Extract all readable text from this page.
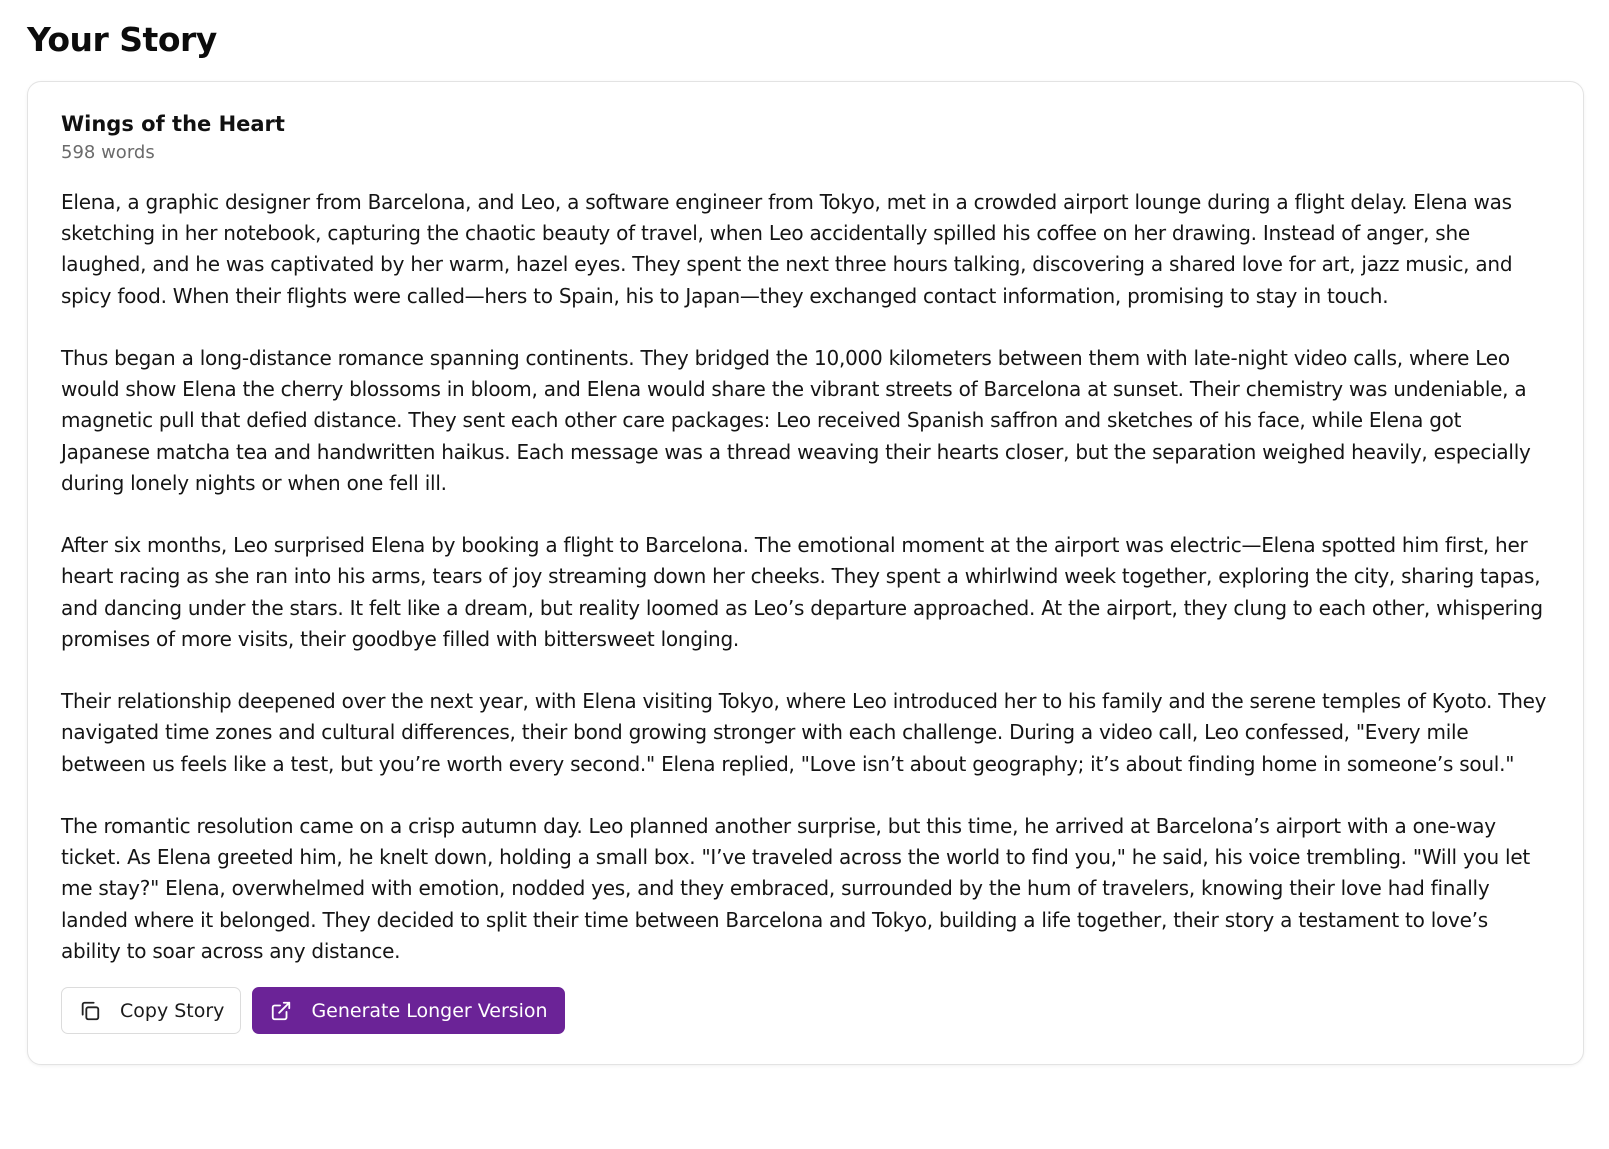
Your Story
Wings of the Heart
598 words

Elena, a graphic designer from Barcelona, and Leo, a software engineer from Tokyo, met in a crowded airport lounge during a flight delay. Elena was sketching in her notebook, capturing the chaotic beauty of travel, when Leo accidentally spilled his coffee on her drawing. Instead of anger, she laughed, and he was captivated by her warm, hazel eyes. They spent the next three hours talking, discovering a shared love for art, jazz music, and spicy food. When their flights were called—hers to Spain, his to Japan—they exchanged contact information, promising to stay in touch.

Thus began a long-distance romance spanning continents. They bridged the 10,000 kilometers between them with late-night video calls, where Leo would show Elena the cherry blossoms in bloom, and Elena would share the vibrant streets of Barcelona at sunset. Their chemistry was undeniable, a magnetic pull that defied distance. They sent each other care packages: Leo received Spanish saffron and sketches of his face, while Elena got Japanese matcha tea and handwritten haikus. Each message was a thread weaving their hearts closer, but the separation weighed heavily, especially during lonely nights or when one fell ill.

After six months, Leo surprised Elena by booking a flight to Barcelona. The emotional moment at the airport was electric—Elena spotted him first, her heart racing as she ran into his arms, tears of joy streaming down her cheeks. They spent a whirlwind week together, exploring the city, sharing tapas, and dancing under the stars. It felt like a dream, but reality loomed as Leo’s departure approached. At the airport, they clung to each other, whispering promises of more visits, their goodbye filled with bittersweet longing.

Their relationship deepened over the next year, with Elena visiting Tokyo, where Leo introduced her to his family and the serene temples of Kyoto. They navigated time zones and cultural differences, their bond growing stronger with each challenge. During a video call, Leo confessed, "Every mile between us feels like a test, but you’re worth every second." Elena replied, "Love isn’t about geography; it’s about finding home in someone’s soul."

The romantic resolution came on a crisp autumn day. Leo planned another surprise, but this time, he arrived at Barcelona’s airport with a one-way ticket. As Elena greeted him, he knelt down, holding a small box. "I’ve traveled across the world to find you," he said, his voice trembling. "Will you let me stay?" Elena, overwhelmed with emotion, nodded yes, and they embraced, surrounded by the hum of travelers, knowing their love had finally landed where it belonged. They decided to split their time between Barcelona and Tokyo, building a life together, their story a testament to love’s ability to soar across any distance.

Copy Story	Generate Longer Version
